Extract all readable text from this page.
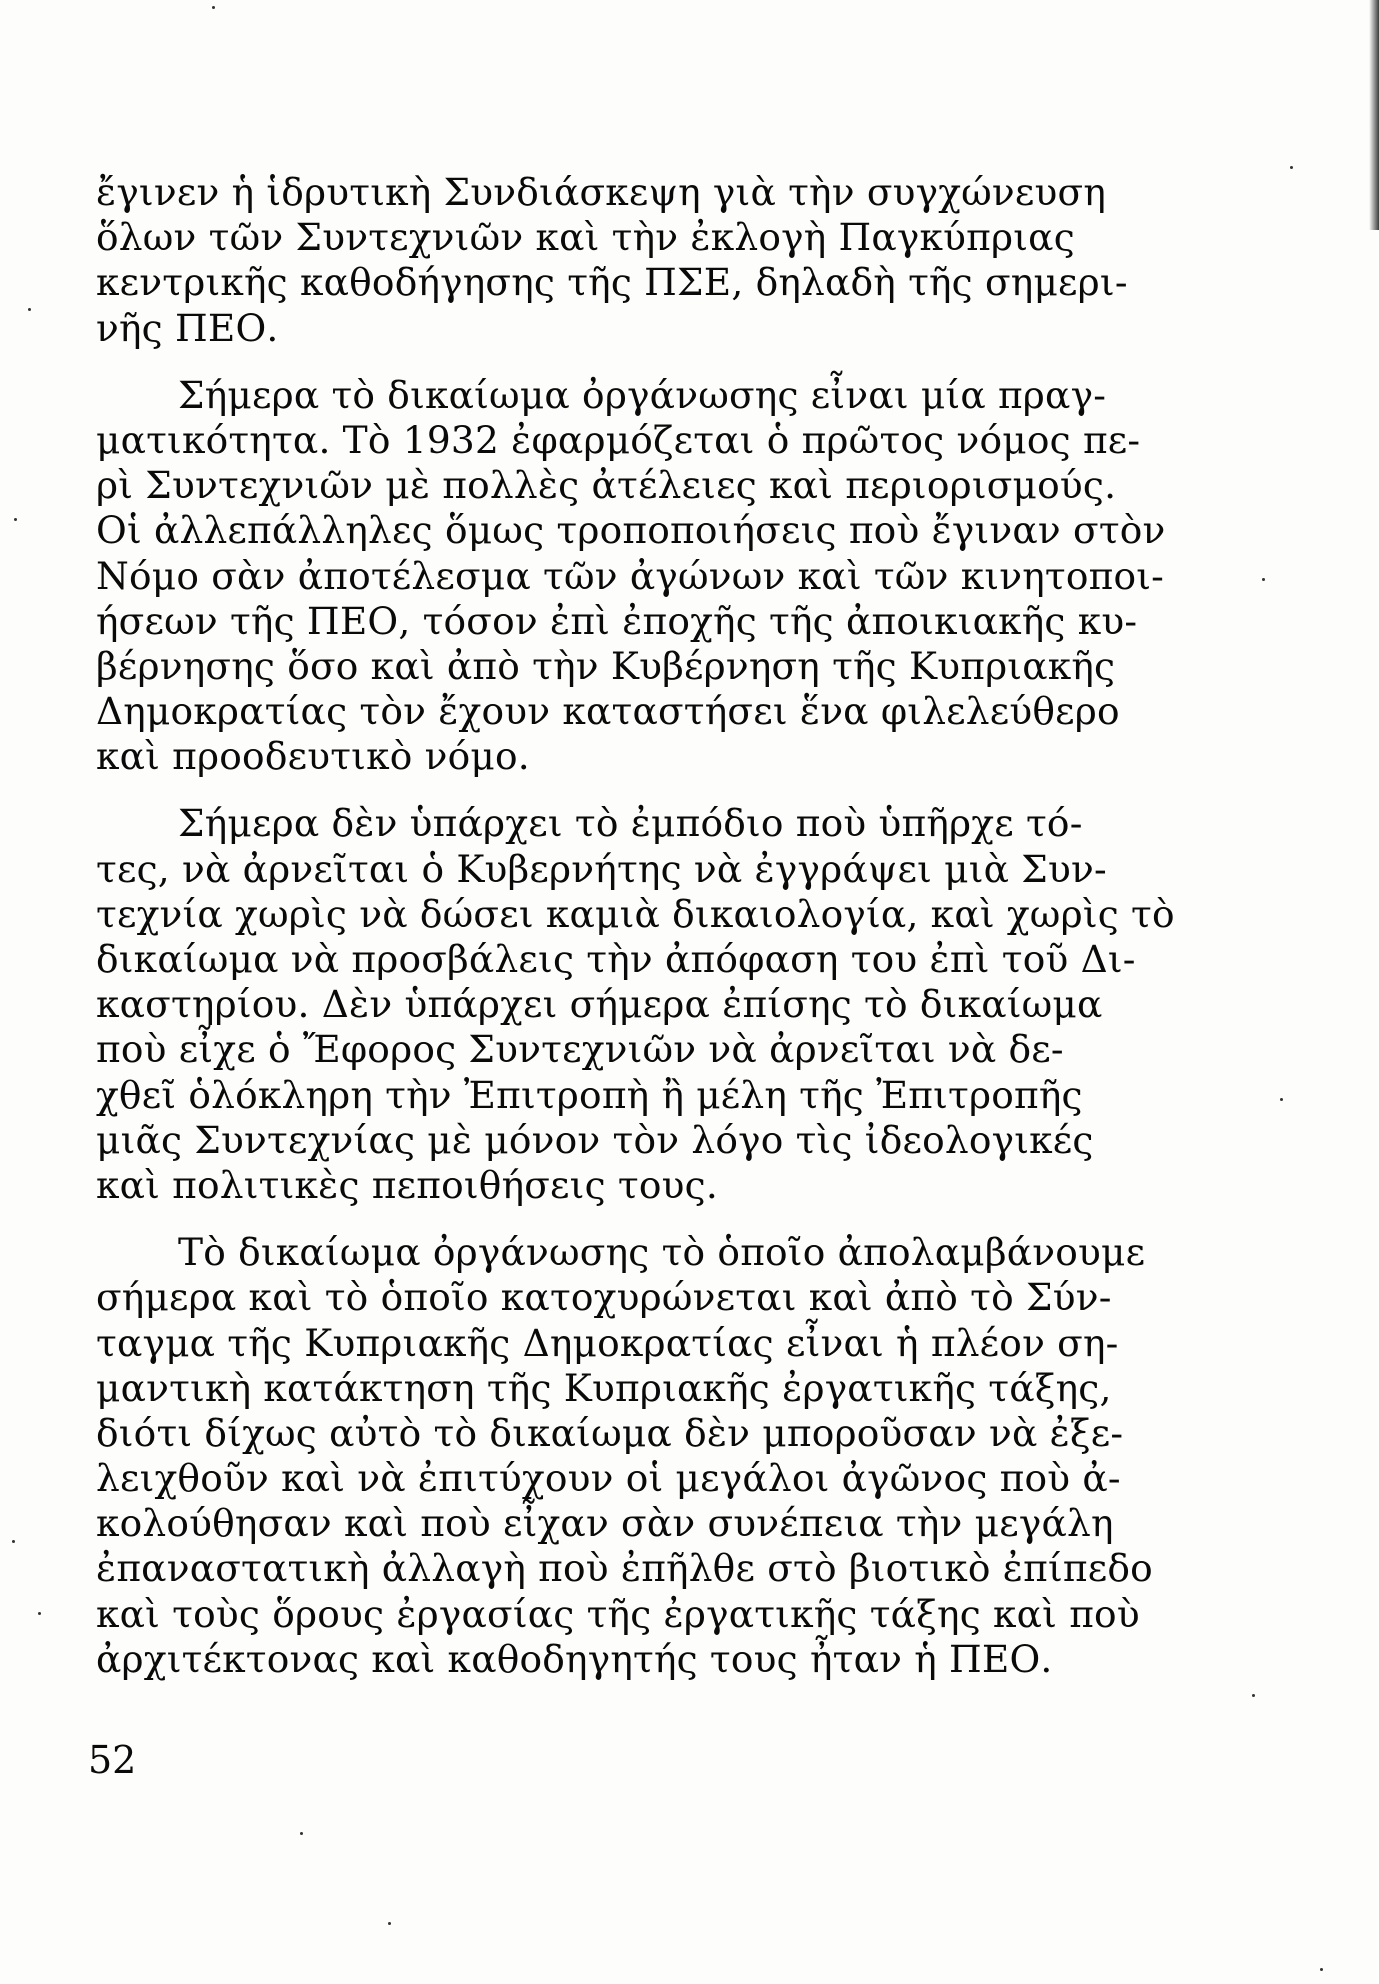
ἔγινεν ἡ ἱδρυτικὴ Συνδιάσκεψη γιὰ τὴν συγχώνευση
ὅλων τῶν Συντεχνιῶν καὶ τὴν ἐκλογὴ Παγκύπριας
κεντρικῆς καθοδήγησης τῆς ΠΣΕ, δηλαδὴ τῆς σημερι-
νῆς ΠΕΟ.
Σήμερα τὸ δικαίωμα ὀργάνωσης εἶναι μία πραγ-
ματικότητα. Τὸ 1932 ἐφαρμόζεται ὁ πρῶτος νόμος πε-
ρὶ Συντεχνιῶν μὲ πολλὲς ἀτέλειες καὶ περιορισμούς.
Οἱ ἀλλεπάλληλες ὅμως τροποποιήσεις ποὺ ἔγιναν στὸν
Νόμο σὰν ἀποτέλεσμα τῶν ἀγώνων καὶ τῶν κινητοποι-
ήσεων τῆς ΠΕΟ, τόσον ἐπὶ ἐποχῆς τῆς ἀποικιακῆς κυ-
βέρνησης ὅσο καὶ ἀπὸ τὴν Κυβέρνηση τῆς Κυπριακῆς
Δημοκρατίας τὸν ἔχουν καταστήσει ἕνα φιλελεύθερο
καὶ προοδευτικὸ νόμο.
Σήμερα δὲν ὑπάρχει τὸ ἐμπόδιο ποὺ ὑπῆρχε τό-
τες, νὰ ἀρνεῖται ὁ Κυβερνήτης νὰ ἐγγράψει μιὰ Συν-
τεχνία χωρὶς νὰ δώσει καμιὰ δικαιολογία, καὶ χωρὶς τὸ
δικαίωμα νὰ προσβάλεις τὴν ἀπόφαση του ἐπὶ τοῦ Δι-
καστηρίου. Δὲν ὑπάρχει σήμερα ἐπίσης τὸ δικαίωμα
ποὺ εἶχε ὁ Ἔφορος Συντεχνιῶν νὰ ἀρνεῖται νὰ δε-
χθεῖ ὁλόκληρη τὴν Ἐπιτροπὴ ἢ μέλη τῆς Ἐπιτροπῆς
μιᾶς Συντεχνίας μὲ μόνον τὸν λόγο τὶς ἰδεολογικές
καὶ πολιτικὲς πεποιθήσεις τους.
Τὸ δικαίωμα ὀργάνωσης τὸ ὁποῖο ἀπολαμβάνουμε
σήμερα καὶ τὸ ὁποῖο κατοχυρώνεται καὶ ἀπὸ τὸ Σύν-
ταγμα τῆς Κυπριακῆς Δημοκρατίας εἶναι ἡ πλέον ση-
μαντικὴ κατάκτηση τῆς Κυπριακῆς ἐργατικῆς τάξης,
διότι δίχως αὐτὸ τὸ δικαίωμα δὲν μποροῦσαν νὰ ἐξε-
λειχθοῦν καὶ νὰ ἐπιτύχουν οἱ μεγάλοι ἀγῶνος ποὺ ἀ-
κολούθησαν καὶ ποὺ εἶχαν σὰν συνέπεια τὴν μεγάλη
ἐπαναστατικὴ ἀλλαγὴ ποὺ ἐπῆλθε στὸ βιοτικὸ ἐπίπεδο
καὶ τοὺς ὅρους ἐργασίας τῆς ἐργατικῆς τάξης καὶ ποὺ
ἀρχιτέκτονας καὶ καθοδηγητής τους ἦταν ἡ ΠΕΟ.
52
